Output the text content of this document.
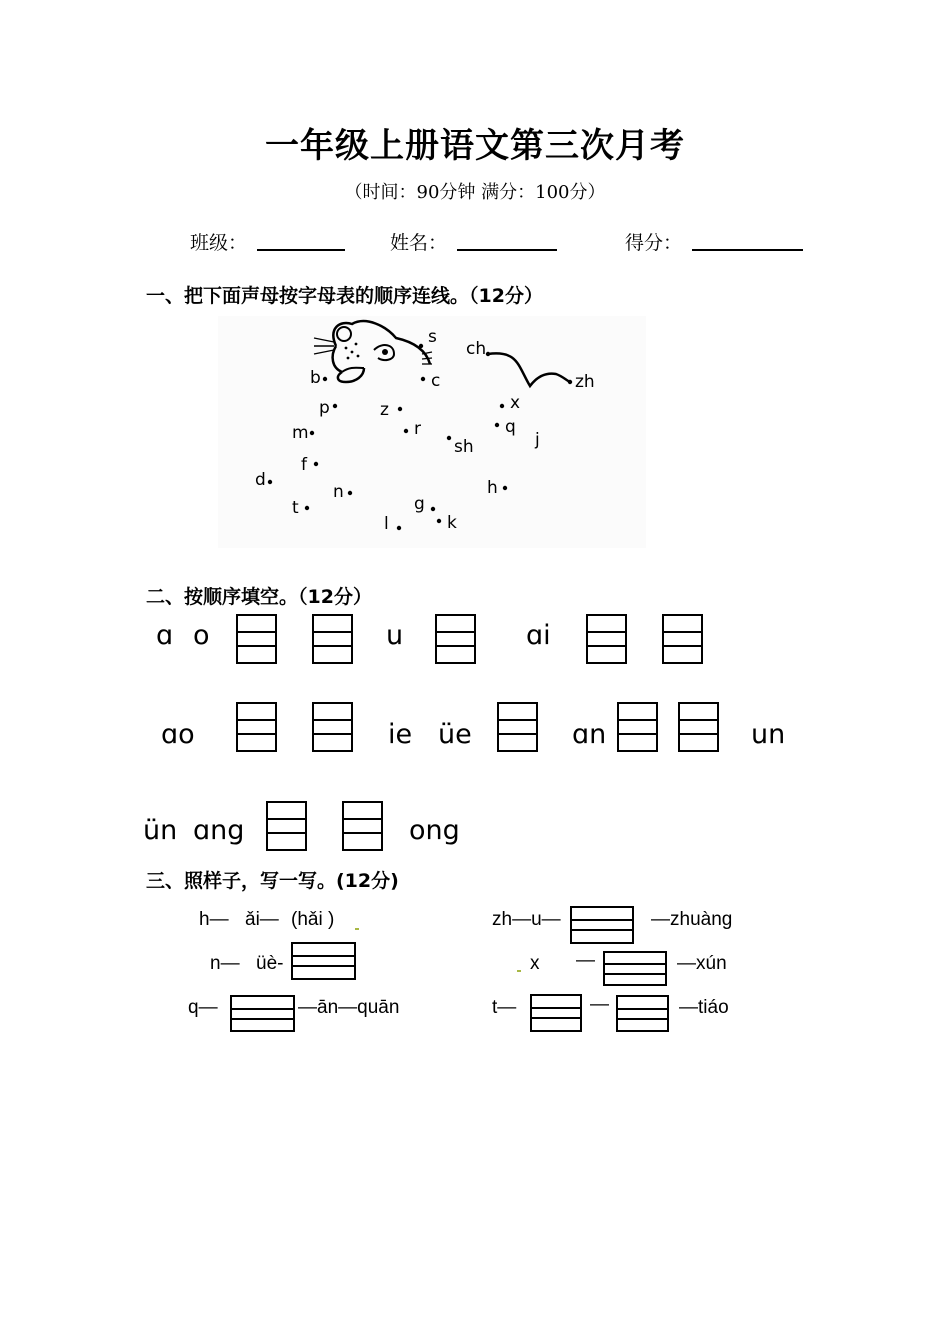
一年级上册语文第三次月考
（时间：90分钟 满分：100分）
班级：	姓名：	得分：
一、把下面声母按字母表的顺序连线。（12分）
b
p
m
f
d
t
n
l
g
k
h
j
q
x
zh
ch
sh
r
z
c
s
二、按顺序填空。（12分）
ɑ o	u	ɑi
ɑo	ie üe	ɑn	un
ün ɑng	ong
三、照样子，写一写。(12分)
h— ǎi— (hǎi )	zh—u—	—zhuàng
n— üè-	x —	—xún
q—	—ān—quān	t—	—	—tiáo
